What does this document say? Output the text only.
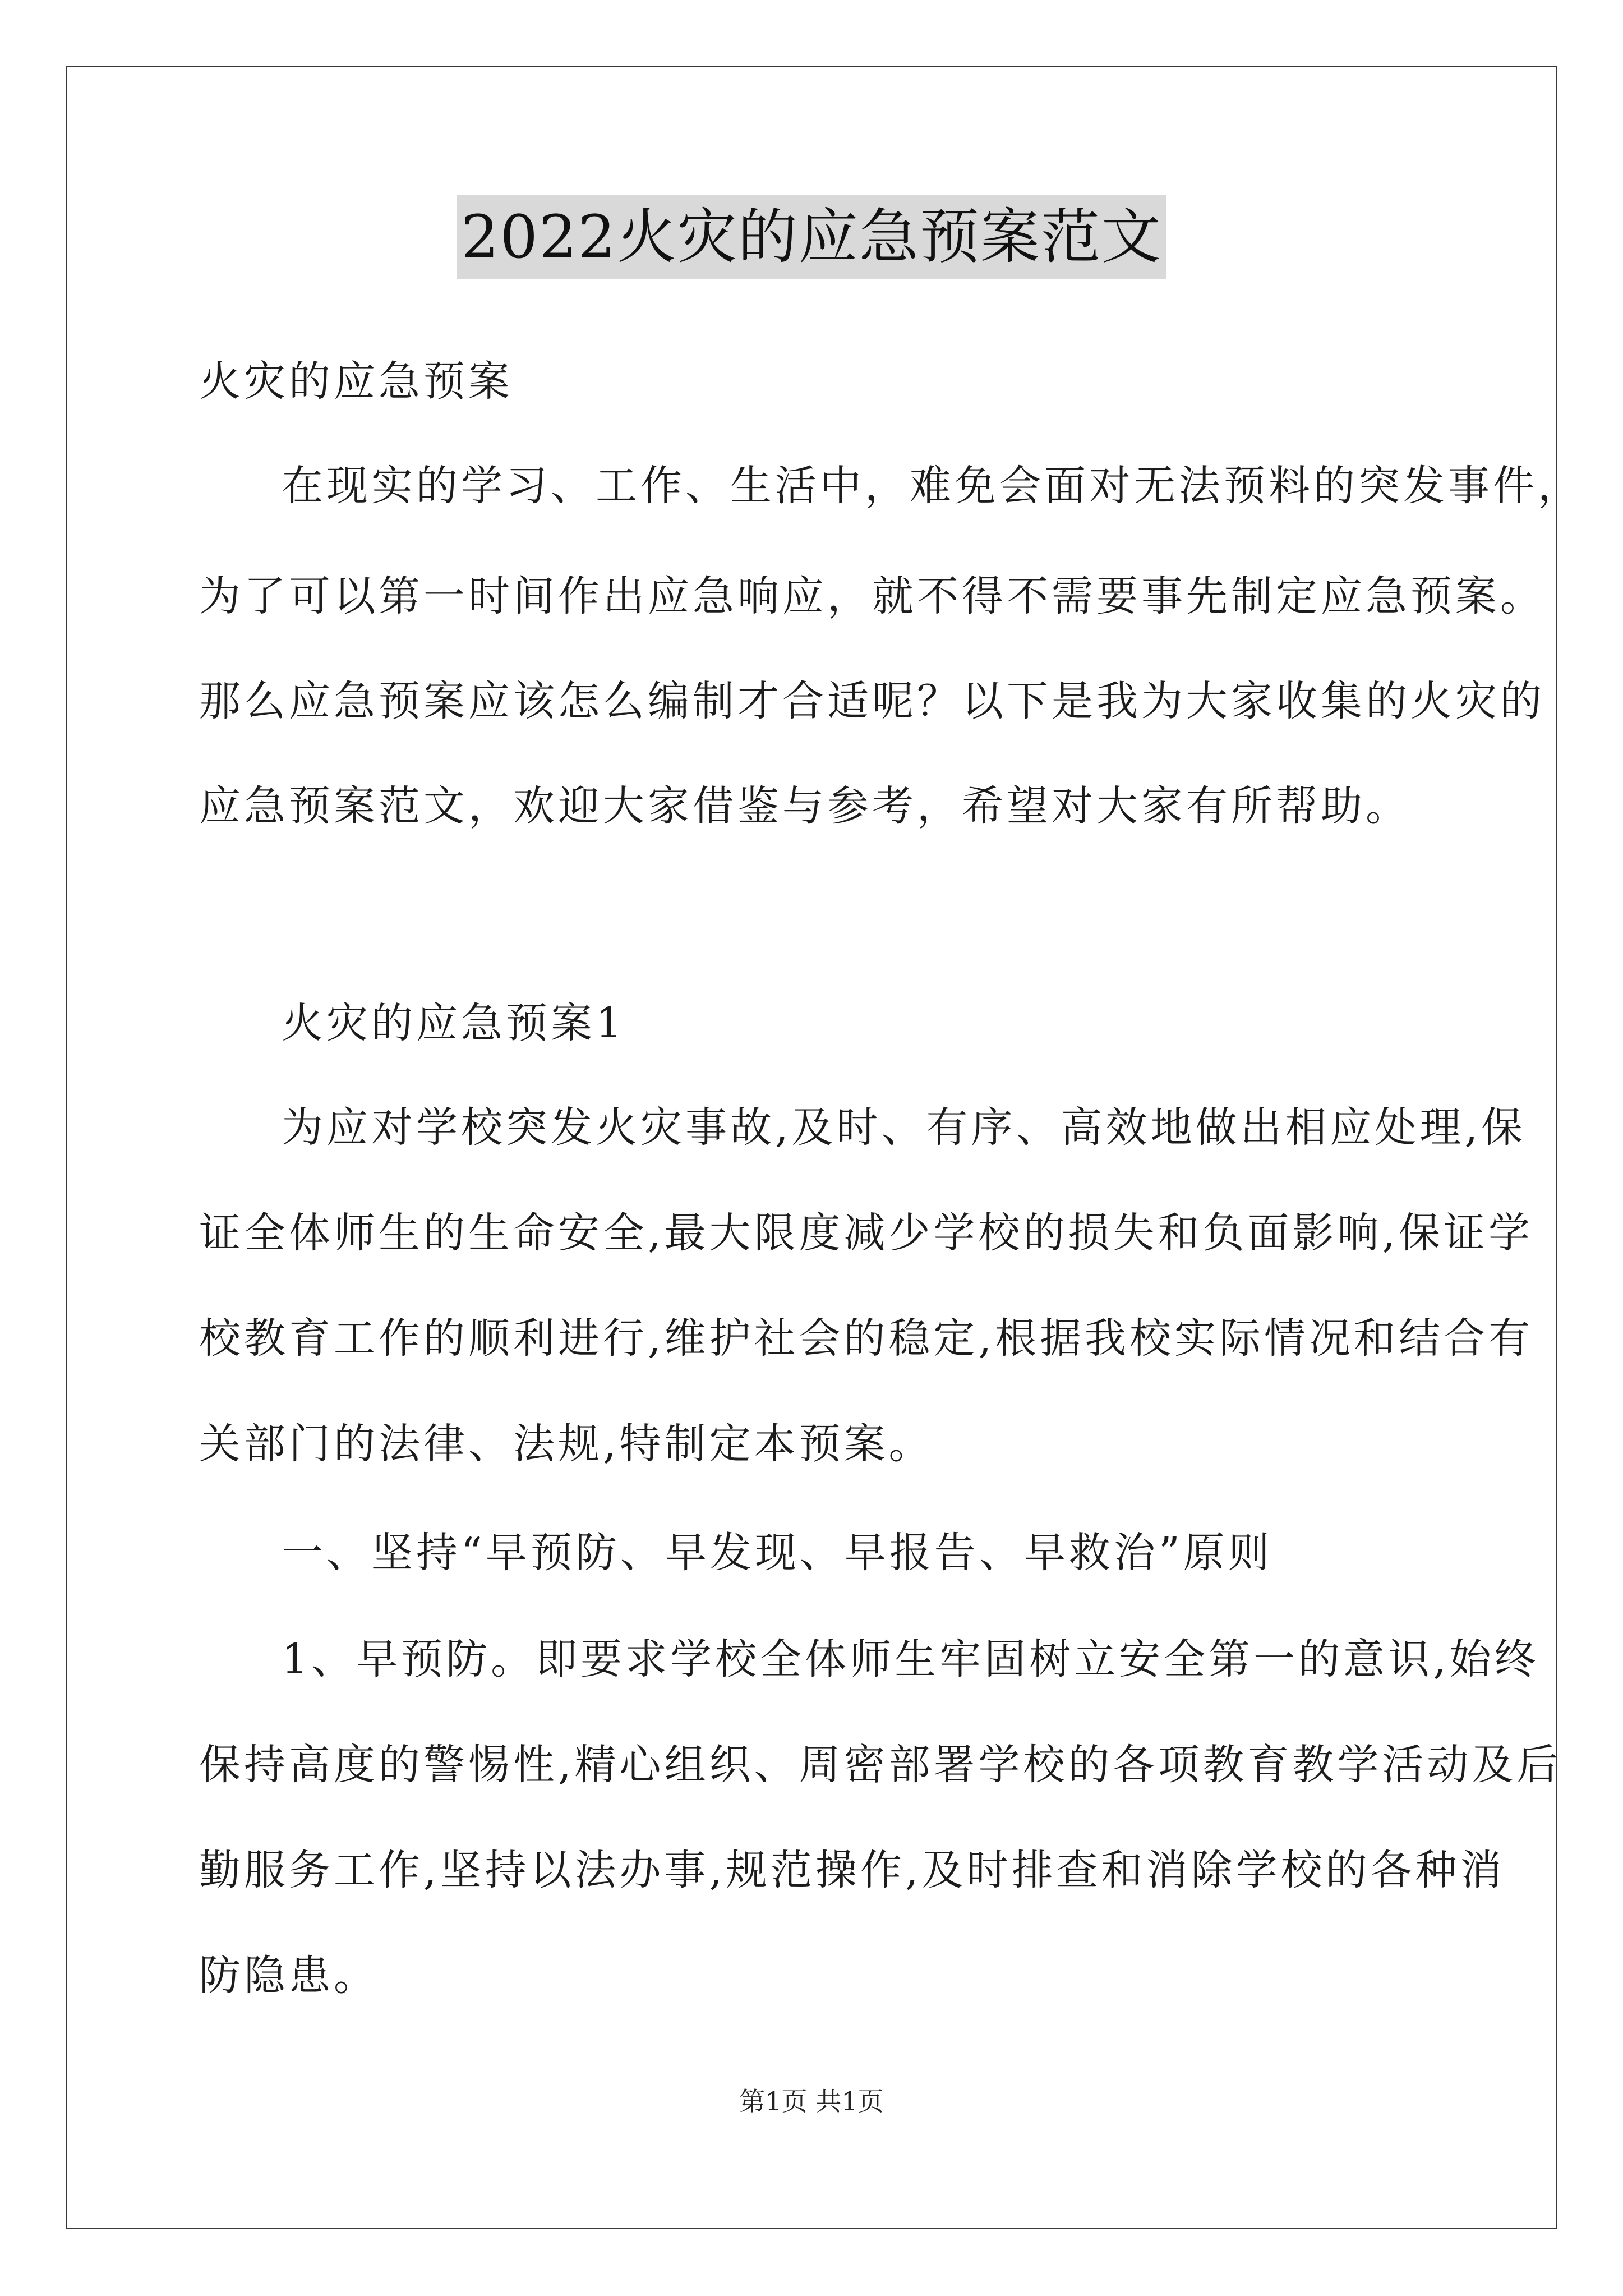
2022火灾的应急预案范文
火灾的应急预案
在现实的学习、工作、生活中，难免会面对无法预料的突发事件，
为了可以第一时间作出应急响应，就不得不需要事先制定应急预案。
那么应急预案应该怎么编制才合适呢？以下是我为大家收集的火灾的
应急预案范文，欢迎大家借鉴与参考，希望对大家有所帮助。
火灾的应急预案1
为应对学校突发火灾事故,及时、有序、高效地做出相应处理,保
证全体师生的生命安全,最大限度减少学校的损失和负面影响,保证学
校教育工作的顺利进行,维护社会的稳定,根据我校实际情况和结合有
关部门的法律、法规,特制定本预案。
一、坚持“早预防、早发现、早报告、早救治”原则
1、早预防。即要求学校全体师生牢固树立安全第一的意识,始终
保持高度的警惕性,精心组织、周密部署学校的各项教育教学活动及后
勤服务工作,坚持以法办事,规范操作,及时排查和消除学校的各种消
防隐患。
第1页 共1页
